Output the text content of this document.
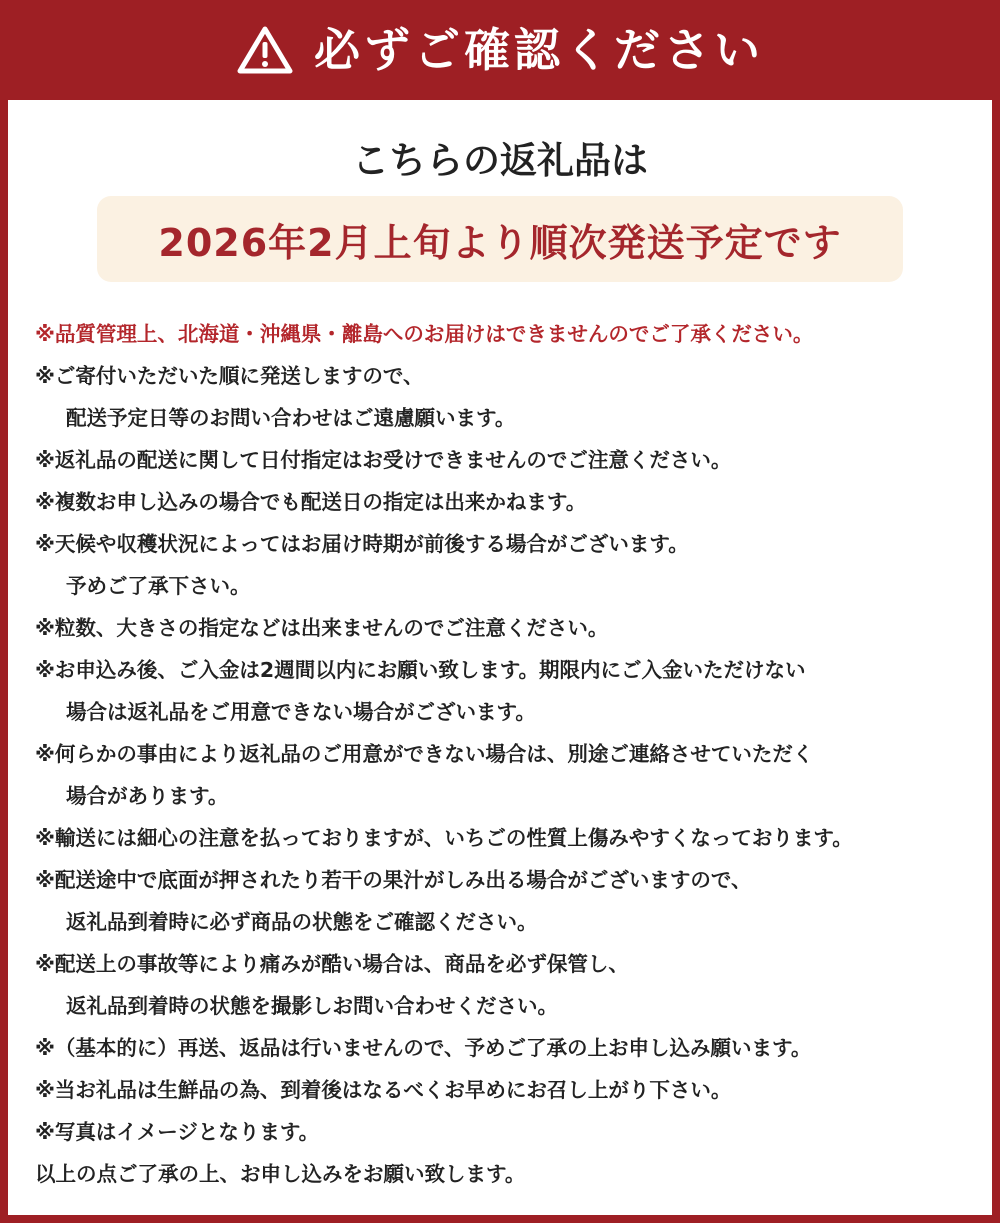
必ずご確認ください
こちらの返礼品は
2026年2月上旬より順次発送予定です
※品質管理上、北海道・沖縄県・離島へのお届けはできませんのでご了承ください。
※ご寄付いただいた順に発送しますので、
配送予定日等のお問い合わせはご遠慮願います。
※返礼品の配送に関して日付指定はお受けできませんのでご注意ください。
※複数お申し込みの場合でも配送日の指定は出来かねます。
※天候や収穫状況によってはお届け時期が前後する場合がございます。
予めご了承下さい。
※粒数、大きさの指定などは出来ませんのでご注意ください。
※お申込み後、ご入金は2週間以内にお願い致します。期限内にご入金いただけない
場合は返礼品をご用意できない場合がございます。
※何らかの事由により返礼品のご用意ができない場合は、別途ご連絡させていただく
場合があります。
※輸送には細心の注意を払っておりますが、いちごの性質上傷みやすくなっております。
※配送途中で底面が押されたり若干の果汁がしみ出る場合がございますので、
返礼品到着時に必ず商品の状態をご確認ください。
※配送上の事故等により痛みが酷い場合は、商品を必ず保管し、
返礼品到着時の状態を撮影しお問い合わせください。
※（基本的に）再送、返品は行いませんので、予めご了承の上お申し込み願います。
※当お礼品は生鮮品の為、到着後はなるべくお早めにお召し上がり下さい。
※写真はイメージとなります。
以上の点ご了承の上、お申し込みをお願い致します。
